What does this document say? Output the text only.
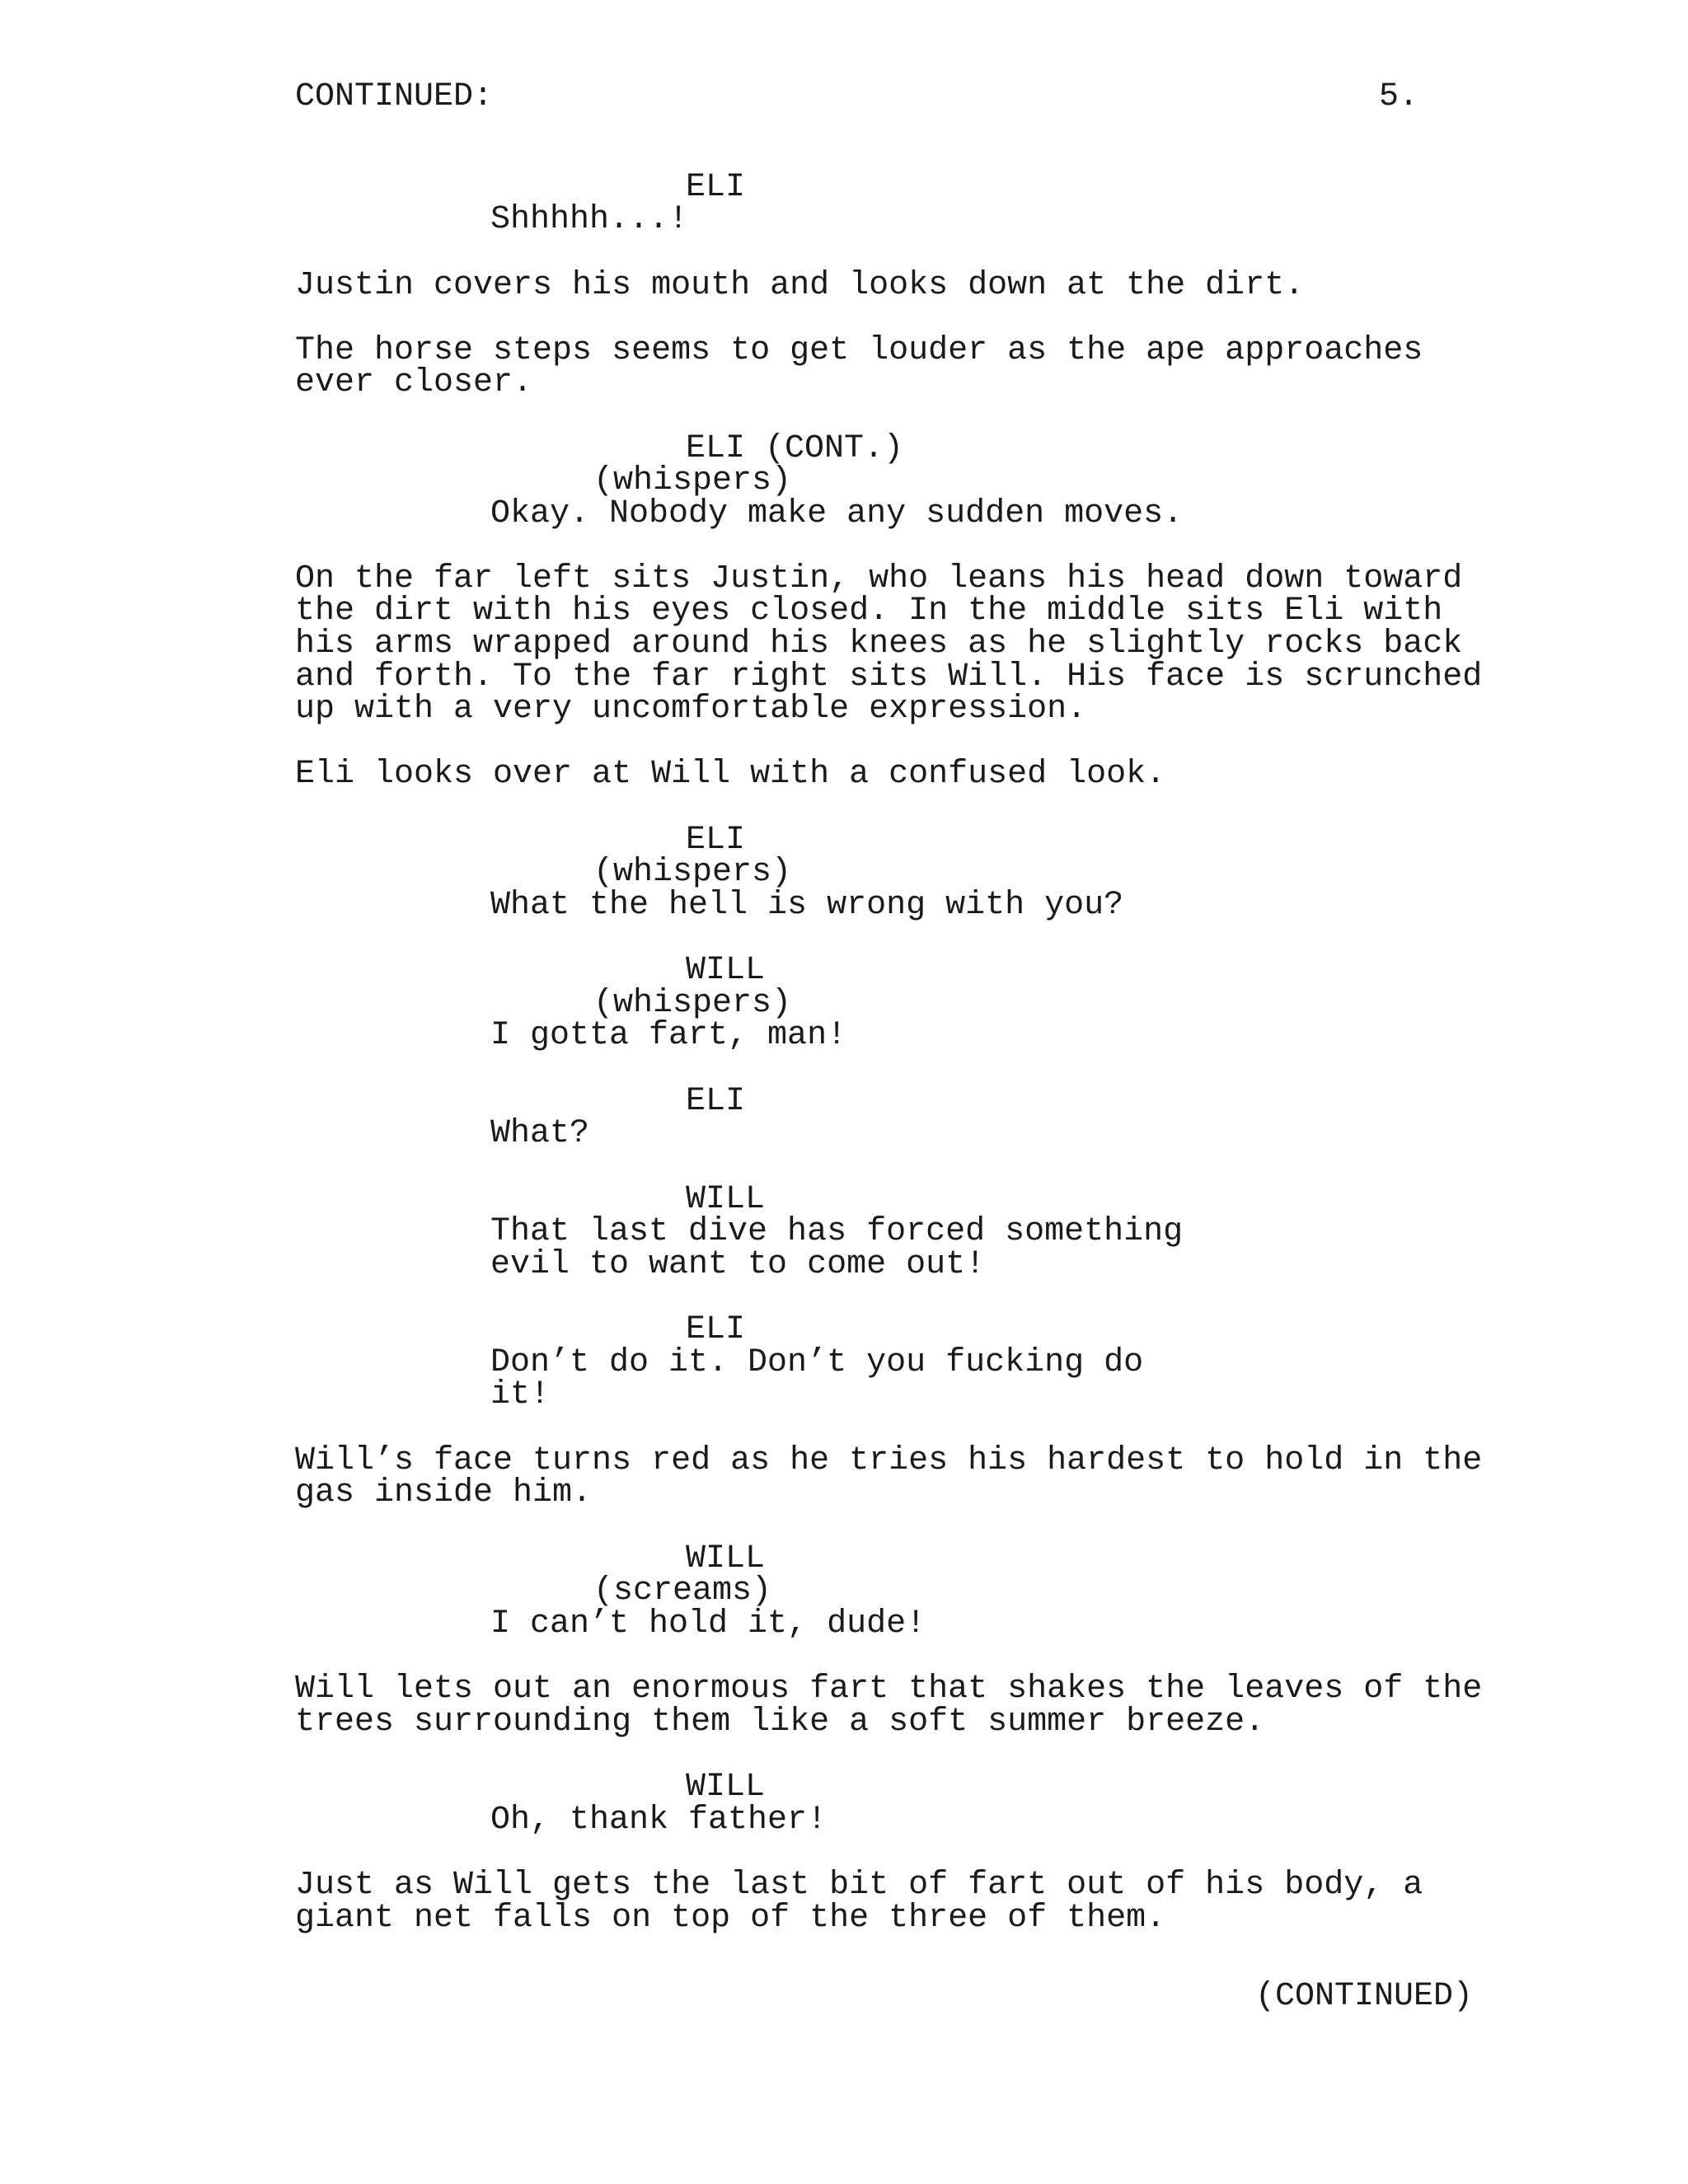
CONTINUED:	5.
ELI
Shhhhh...!
Justin covers his mouth and looks down at the dirt.
The horse steps seems to get louder as the ape approaches
ever closer.
ELI (CONT.)
(whispers)
Okay. Nobody make any sudden moves.
On the far left sits Justin, who leans his head down toward
the dirt with his eyes closed. In the middle sits Eli with
his arms wrapped around his knees as he slightly rocks back
and forth. To the far right sits Will. His face is scrunched
up with a very uncomfortable expression.
Eli looks over at Will with a confused look.
ELI
(whispers)
What the hell is wrong with you?
WILL
(whispers)
I gotta fart, man!
ELI
What?
WILL
That last dive has forced something
evil to want to come out!
ELI
Don’t do it. Don’t you fucking do
it!
Will’s face turns red as he tries his hardest to hold in the
gas inside him.
WILL
(screams)
I can’t hold it, dude!
Will lets out an enormous fart that shakes the leaves of the
trees surrounding them like a soft summer breeze.
WILL
Oh, thank father!
Just as Will gets the last bit of fart out of his body, a
giant net falls on top of the three of them.
(CONTINUED)
